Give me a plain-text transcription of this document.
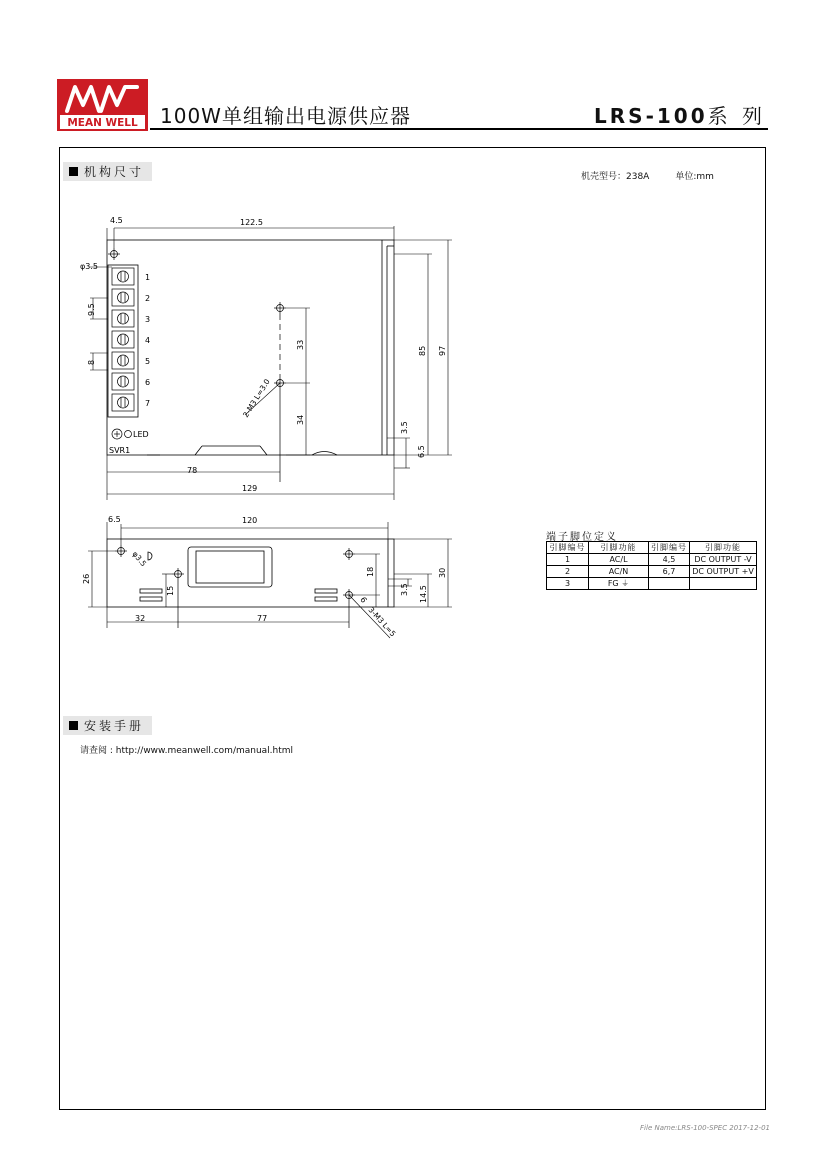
MEAN WELL 100W单组输出电源供应器	LRS-100系 列
机构尺寸	机壳型号：238A	单位:mm
1
2
3
4
5
6
7
LED
SVR1
4.5	122.5
φ3.5
9.5
8
33
34
2-M3 L=3.0
85 97
3.5
6.5
78
129
6.5	120
φ3.5
26
15
18
6
3.5 14.5
30
32	77	3-M3 L=5
端子脚位定义
引脚编号	引脚功能	引脚编号	引脚功能
1	AC/L	4,5	DC OUTPUT -V
2	AC/N	6,7	DC OUTPUT +V
3	FG ⏚		
安装手册
请查阅 : http://www.meanwell.com/manual.html
File Name:LRS-100-SPEC 2017-12-01
